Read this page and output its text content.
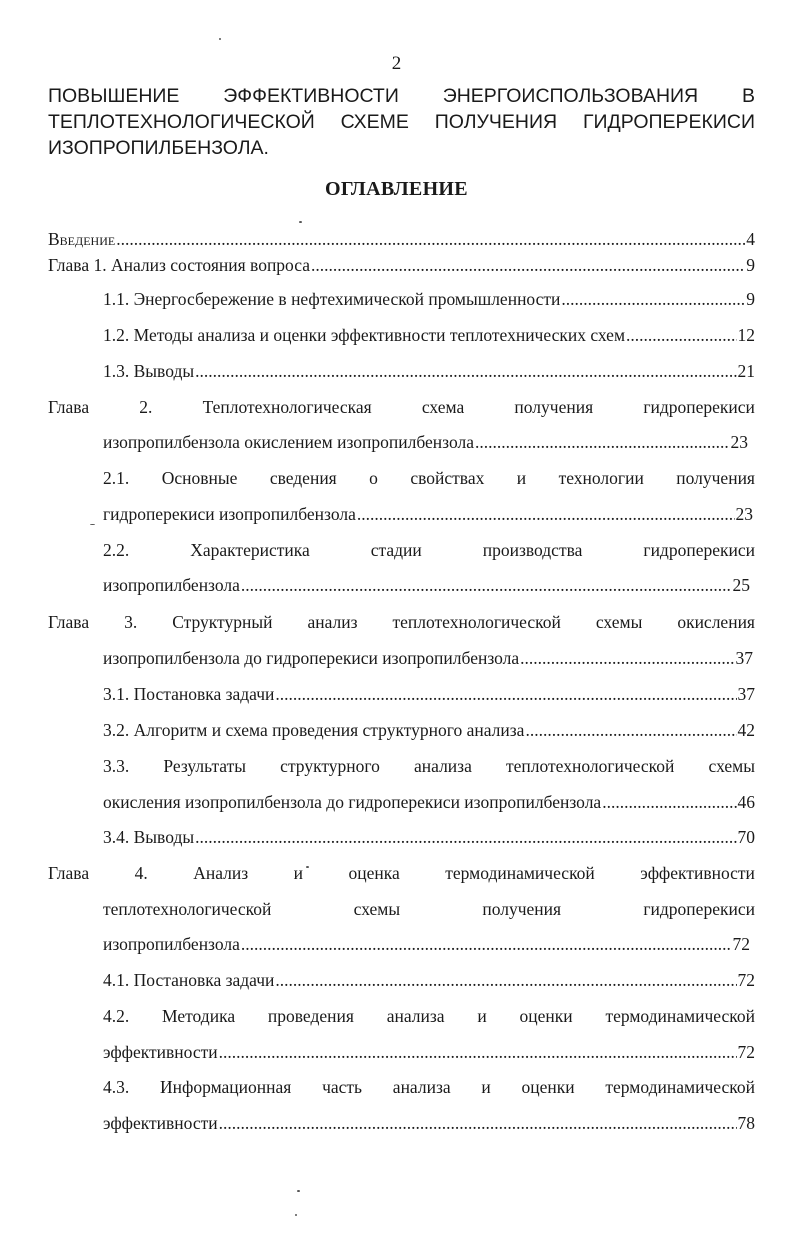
2
ПОВЫШЕНИЕ ЭФФЕКТИВНОСТИ ЭНЕРГОИСПОЛЬЗОВАНИЯ В ТЕПЛОТЕХНОЛОГИЧЕСКОЙ СХЕМЕ ПОЛУЧЕНИЯ ГИДРОПЕРЕКИСИ ИЗОПРОПИЛБЕНЗОЛА.
ОГЛАВЛЕНИЕ
Введение .....	4
Глава 1. Анализ состояния вопроса .....	9
1.1. Энергосбережение в нефтехимической промышленности .....	9
1.2. Методы анализа и оценки эффективности теплотехнических схем .....	12
1.3. Выводы .....	21
Глава	2.	Теплотехнологическая	схема	получения	гидроперекиси
изопропилбензола окислением изопропилбензола .....	23
2.1. Основные сведения о свойствах и технологии получения
гидроперекиси изопропилбензола .....	23
2.2.	Характеристика	стадии	производства	гидроперекиси
изопропилбензола .....	25
Глава 3. Структурный анализ теплотехнологической схемы окисления
изопропилбензола до гидроперекиси изопропилбензола .....	37
3.1. Постановка задачи .....	37
3.2. Алгоритм и схема проведения структурного анализа .....	42
3.3. Результаты структурного анализа теплотехнологической схемы
окисления изопропилбензола до гидроперекиси изопропилбензола .....	46
3.4. Выводы .....	70
Глава	4.	Анализ	и	оценка	термодинамической	эффективности
теплотехнологической	схемы	получения	гидроперекиси
изопропилбензола .....	72
4.1. Постановка задачи .....	72
4.2. Методика проведения анализа и оценки термодинамической
эффективности .....	72
4.3. Информационная часть анализа и оценки термодинамической
эффективности .....	78
